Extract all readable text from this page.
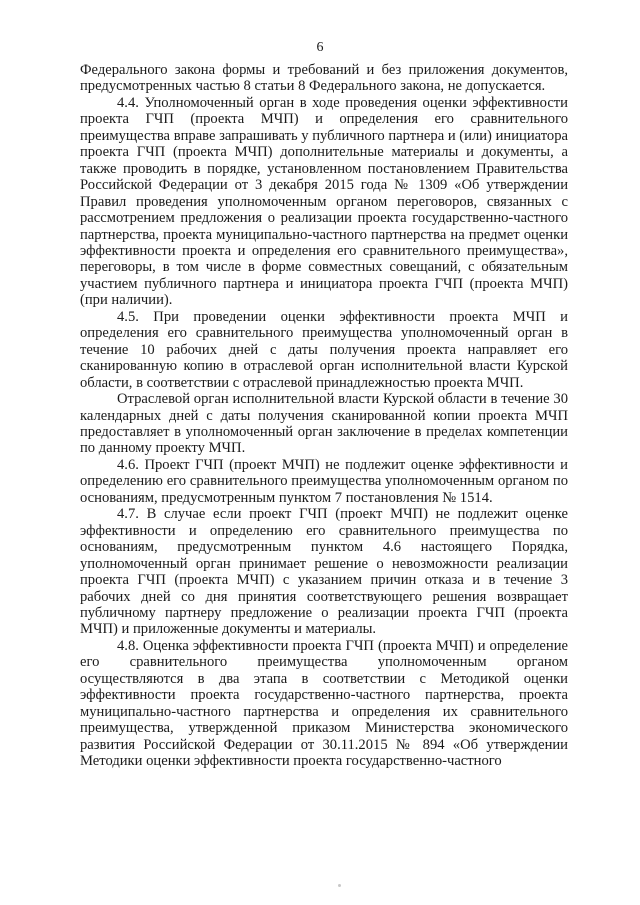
6

Федерального закона формы и требований и без приложения документов, предусмотренных частью 8 статьи 8 Федерального закона, не допускается.

4.4. Уполномоченный орган в ходе проведения оценки эффективности проекта ГЧП (проекта МЧП) и определения его сравнительного преимущества вправе запрашивать у публичного партнера и (или) инициатора проекта ГЧП (проекта МЧП) дополнительные материалы и документы, а также проводить в порядке, установленном постановлением Правительства Российской Федерации от 3 декабря 2015 года № 1309 «Об утверждении Правил проведения уполномоченным органом переговоров, связанных с рассмотрением предложения о реализации проекта государственно-частного партнерства, проекта муниципально-частного партнерства на предмет оценки эффективности проекта и определения его сравнительного преимущества», переговоры, в том числе в форме совместных совещаний, с обязательным участием публичного партнера и инициатора проекта ГЧП (проекта МЧП) (при наличии).

4.5. При проведении оценки эффективности проекта МЧП и определения его сравнительного преимущества уполномоченный орган в течение 10 рабочих дней с даты получения проекта направляет его сканированную копию в отраслевой орган исполнительной власти Курской области, в соответствии с отраслевой принадлежностью проекта МЧП.

Отраслевой орган исполнительной власти Курской области в течение 30 календарных дней с даты получения сканированной копии проекта МЧП предоставляет в уполномоченный орган заключение в пределах компетенции по данному проекту МЧП.

4.6. Проект ГЧП (проект МЧП) не подлежит оценке эффективности и определению его сравнительного преимущества уполномоченным органом по основаниям, предусмотренным пунктом 7 постановления № 1514.

4.7. В случае если проект ГЧП (проект МЧП) не подлежит оценке эффективности и определению его сравнительного преимущества по основаниям, предусмотренным пунктом 4.6 настоящего Порядка, уполномоченный орган принимает решение о невозможности реализации проекта ГЧП (проекта МЧП) с указанием причин отказа и в течение 3 рабочих дней со дня принятия соответствующего решения возвращает публичному партнеру предложение о реализации проекта ГЧП (проекта МЧП) и приложенные документы и материалы.

4.8. Оценка эффективности проекта ГЧП (проекта МЧП) и определение его сравнительного преимущества уполномоченным органом осуществляются в два этапа в соответствии с Методикой оценки эффективности проекта государственно-частного партнерства, проекта муниципально-частного партнерства и определения их сравнительного преимущества, утвержденной приказом Министерства экономического развития Российской Федерации от 30.11.2015 № 894 «Об утверждении Методики оценки эффективности проекта государственно-частного
